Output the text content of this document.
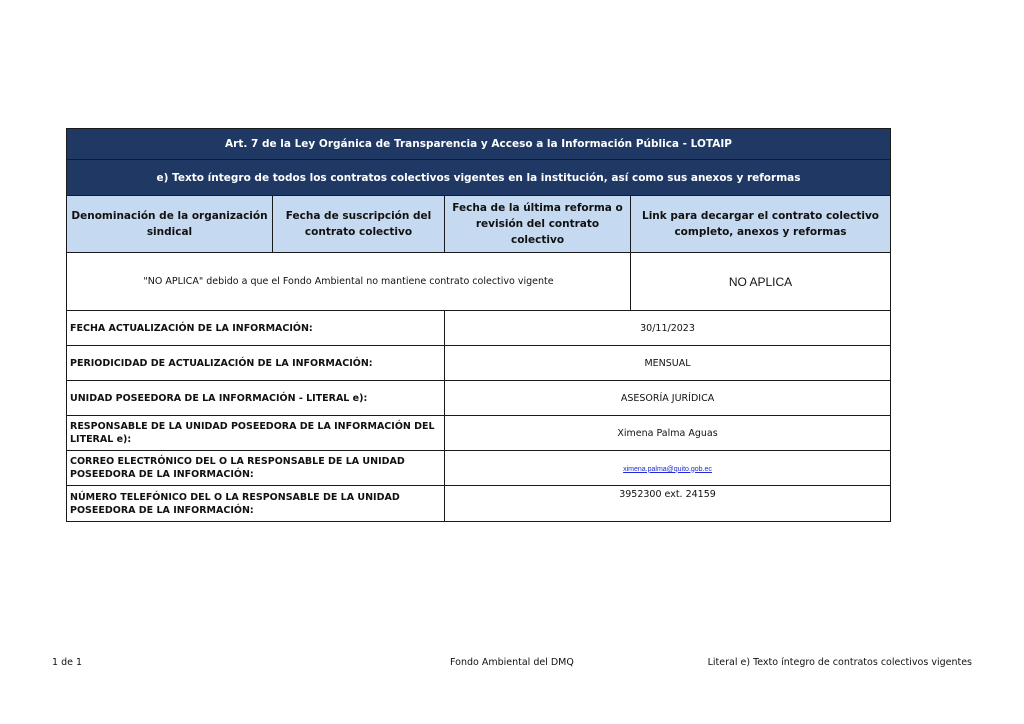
Art. 7 de la Ley Orgánica de Transparencia y Acceso a la Información Pública - LOTAIP			
e) Texto íntegro de todos los contratos colectivos vigentes en la institución, así como sus anexos y reformas			
Denominación de la organización sindical	Fecha de suscripción del contrato colectivo	Fecha de la última reforma o revisión del contrato colectivo	Link para decargar el contrato colectivo completo, anexos y reformas
"NO APLICA" debido a que el Fondo Ambiental no mantiene contrato colectivo vigente			NO APLICA
FECHA ACTUALIZACIÓN DE LA INFORMACIÓN:		30/11/2023	
PERIODICIDAD DE ACTUALIZACIÓN DE LA INFORMACIÓN:		MENSUAL	
UNIDAD POSEEDORA DE LA INFORMACIÓN - LITERAL e):		ASESORÍA JURÍDICA	
RESPONSABLE DE LA UNIDAD POSEEDORA DE LA INFORMACIÓN DEL LITERAL e):		Ximena Palma Aguas	
CORREO ELECTRÓNICO DEL O LA RESPONSABLE DE LA UNIDAD POSEEDORA DE LA INFORMACIÓN:		ximena.palma@quito.gob.ec	
NÚMERO TELEFÓNICO DEL O LA RESPONSABLE DE LA UNIDAD POSEEDORA DE LA INFORMACIÓN:		3952300 ext. 24159	
1 de 1	Fondo Ambiental del DMQ	Literal e) Texto íntegro de contratos colectivos vigentes
